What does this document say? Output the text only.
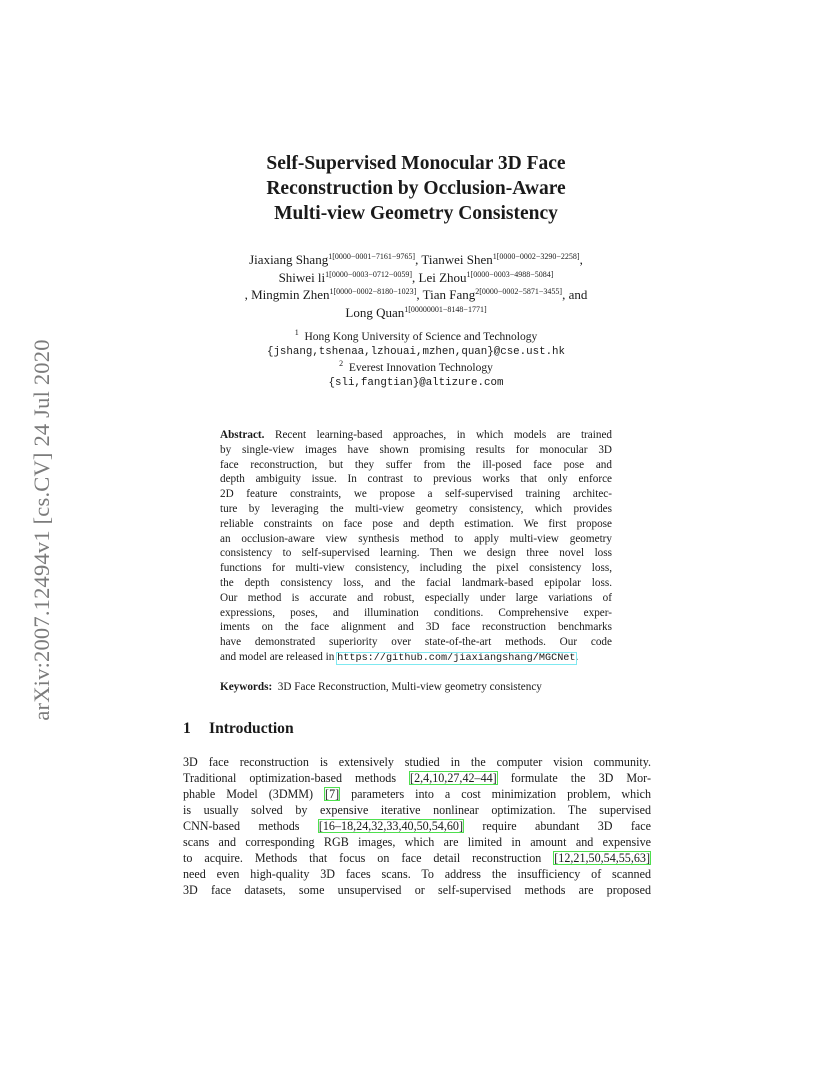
arXiv:2007.12494v1 [cs.CV] 24 Jul 2020
Self-Supervised Monocular 3D Face
Reconstruction by Occlusion-Aware
Multi-view Geometry Consistency
Jiaxiang Shang$^{1[0000-0001-7161-9765]}$, Tianwei Shen$^{1[0000-0002-3290-2258]}$,
Shiwei $li^{1[0000-0003-0712-0059]}$, Lei Zhou$^{1[0000-0003-4988-5084]}$
, Mingmin Zhen$^{1[0000-0002-8180-1023]}$, Tian Fang$^{2[0000-0002-5871-3455]}$, and
Long Quan$^{1[00000001-8148-1771]}$
$^1$ Hong Kong University of Science and Technology
{jshang,tshenaa,lzhouai,mzhen,quan}@cse.ust.hk
$^2$ Everest Innovation Technology
{sli,fangtian}@altizure.com
Abstract. Recent learning-based approaches, in which models are trained
by single-view images have shown promising results for monocular 3D
face reconstruction, but they suffer from the ill-posed face pose and
depth ambiguity issue. In contrast to previous works that only enforce
2D feature constraints, we propose a self-supervised training architec-
ture by leveraging the multi-view geometry consistency, which provides
reliable constraints on face pose and depth estimation. We first propose
an occlusion-aware view synthesis method to apply multi-view geometry
consistency to self-supervised learning. Then we design three novel loss
functions for multi-view consistency, including the pixel consistency loss,
the depth consistency loss, and the facial landmark-based epipolar loss.
Our method is accurate and robust, especially under large variations of
expressions, poses, and illumination conditions. Comprehensive exper-
iments on the face alignment and 3D face reconstruction benchmarks
have demonstrated superiority over state-of-the-art methods. Our code
and model are released in https://github.com/jiaxiangshang/MGCNet.
Keywords: 3D Face Reconstruction, Multi-view geometry consistency
1 Introduction
3D face reconstruction is extensively studied in the computer vision community.
Traditional optimization-based methods [2,4,10,27,42–44] formulate the 3D Mor-
phable Model (3DMM) [7] parameters into a cost minimization problem, which
is usually solved by expensive iterative nonlinear optimization. The supervised
CNN-based methods [16–18,24,32,33,40,50,54,60] require abundant 3D face
scans and corresponding RGB images, which are limited in amount and expensive
to acquire. Methods that focus on face detail reconstruction [12,21,50,54,55,63]
need even high-quality 3D faces scans. To address the insufficiency of scanned
3D face datasets, some unsupervised or self-supervised methods are proposed
